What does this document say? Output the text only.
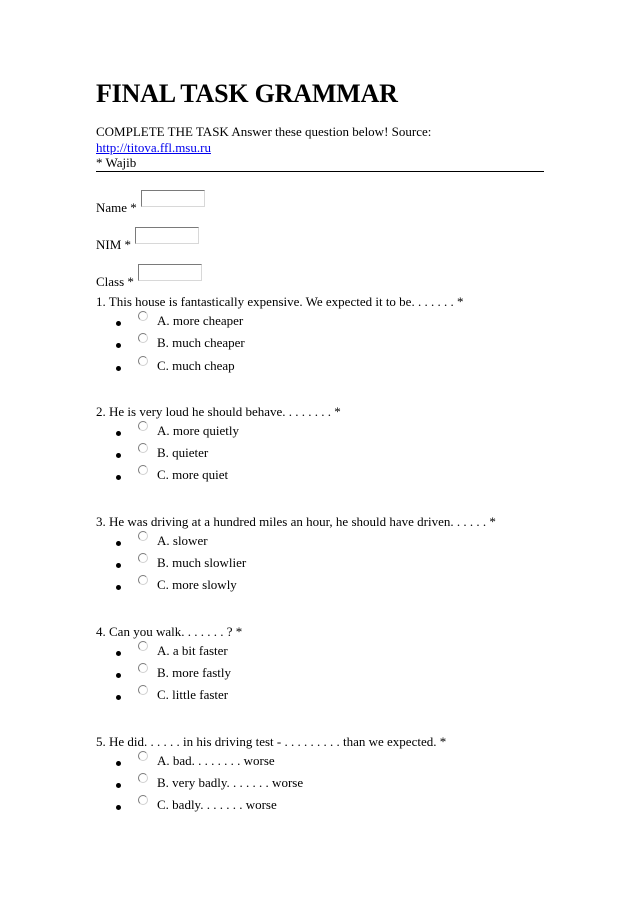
FINAL TASK GRAMMAR
COMPLETE THE TASK Answer these question below! Source:
http://titova.ffl.msu.ru
* Wajib
Name *
NIM *
Class *
1. This house is fantastically expensive. We expected it to be. . . . . . . *
A. more cheaper
B. much cheaper
C. much cheap
2. He is very loud he should behave. . . . . . . . *
A. more quietly
B. quieter
C. more quiet
3. He was driving at a hundred miles an hour, he should have driven. . . . . . *
A. slower
B. much slowlier
C. more slowly
4. Can you walk. . . . . . . ? *
A. a bit faster
B. more fastly
C. little faster
5. He did. . . . . . in his driving test - . . . . . . . . . than we expected. *
A. bad. . . . . . . . worse
B. very badly. . . . . . . worse
C. badly. . . . . . . worse
